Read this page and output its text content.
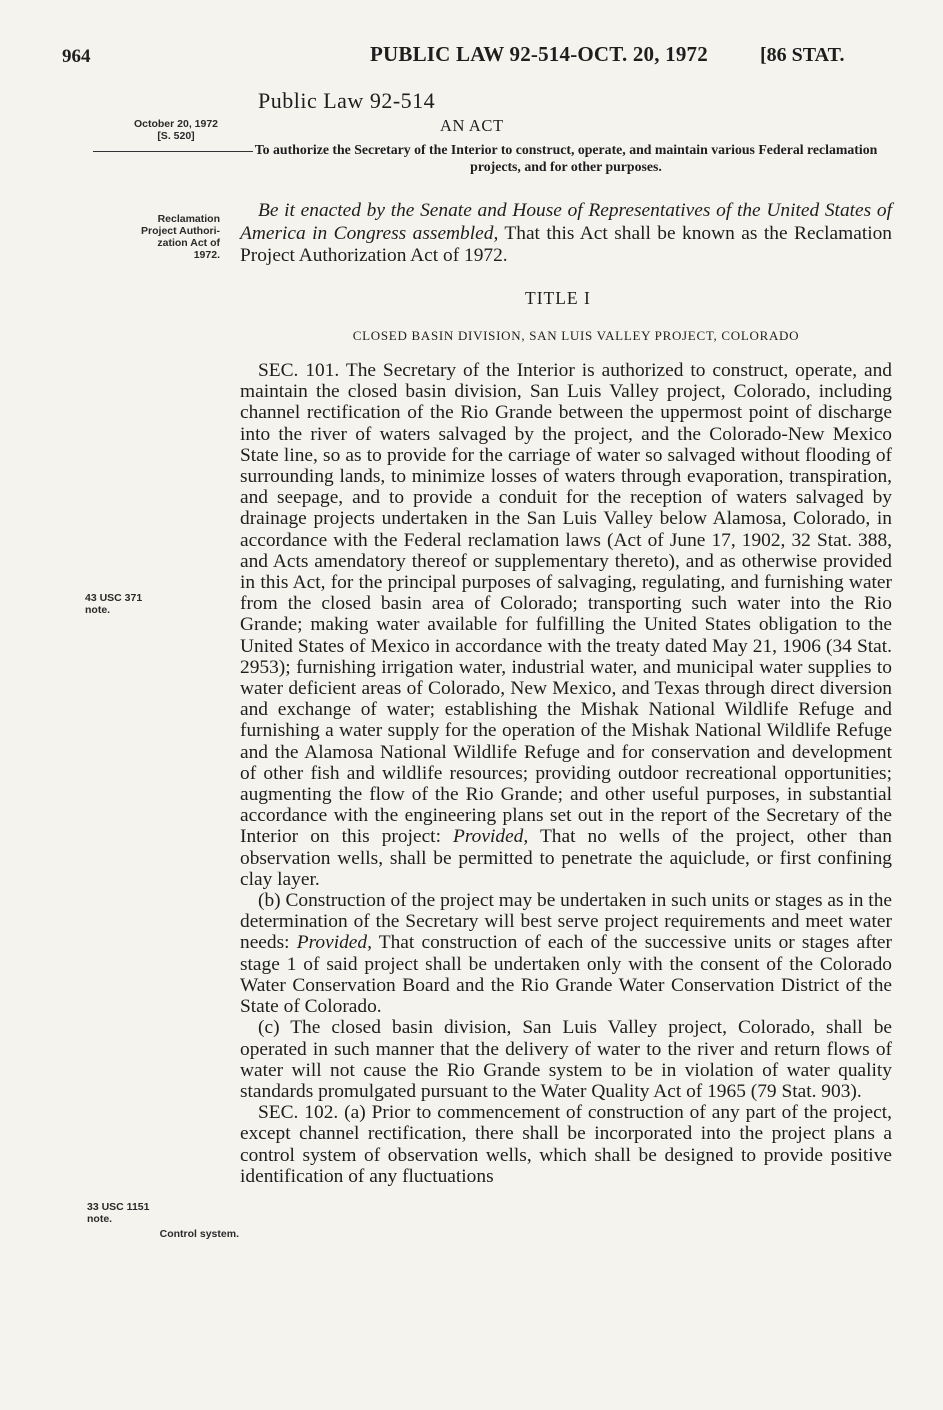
964	PUBLIC LAW 92-514-OCT. 20, 1972	[86 STAT.
October 20, 1972
[S. 520]
Reclamation
Project Authori-
zation Act of
1972.
43 USC 371
note.
33 USC 1151
note.
Control system.
Public Law 92-514
AN ACT
To authorize the Secretary of the Interior to construct, operate, and maintain various Federal reclamation projects, and for other purposes.
Be it enacted by the Senate and House of Representatives of the United States of America in Congress assembled, That this Act shall be known as the Reclamation Project Authorization Act of 1972.
TITLE I
CLOSED BASIN DIVISION, SAN LUIS VALLEY PROJECT, COLORADO

SEC. 101. The Secretary of the Interior is authorized to construct, operate, and maintain the closed basin division, San Luis Valley project, Colorado, including channel rectification of the Rio Grande between the uppermost point of discharge into the river of waters salvaged by the project, and the Colorado-New Mexico State line, so as to provide for the carriage of water so salvaged without flooding of surrounding lands, to minimize losses of waters through evaporation, transpiration, and seepage, and to provide a conduit for the reception of waters salvaged by drainage projects undertaken in the San Luis Valley below Alamosa, Colorado, in accordance with the Federal reclamation laws (Act of June 17, 1902, 32 Stat. 388, and Acts amendatory thereof or supplementary thereto), and as otherwise provided in this Act, for the principal purposes of salvaging, regulating, and furnishing water from the closed basin area of Colorado; transporting such water into the Rio Grande; making water available for fulfilling the United States obligation to the United States of Mexico in accordance with the treaty dated May 21, 1906 (34 Stat. 2953); furnishing irrigation water, industrial water, and municipal water supplies to water deficient areas of Colorado, New Mexico, and Texas through direct diversion and exchange of water; establishing the Mishak National Wildlife Refuge and furnishing a water supply for the operation of the Mishak National Wildlife Refuge and the Alamosa National Wildlife Refuge and for conservation and development of other fish and wildlife resources; providing outdoor recreational opportunities; augmenting the flow of the Rio Grande; and other useful purposes, in substantial accordance with the engineering plans set out in the report of the Secretary of the Interior on this project: Provided, That no wells of the project, other than observation wells, shall be permitted to penetrate the aquiclude, or first confining clay layer.

(b) Construction of the project may be undertaken in such units or stages as in the determination of the Secretary will best serve project requirements and meet water needs: Provided, That construction of each of the successive units or stages after stage 1 of said project shall be undertaken only with the consent of the Colorado Water Conservation Board and the Rio Grande Water Conservation District of the State of Colorado.

(c) The closed basin division, San Luis Valley project, Colorado, shall be operated in such manner that the delivery of water to the river and return flows of water will not cause the Rio Grande system to be in violation of water quality standards promulgated pursuant to the Water Quality Act of 1965 (79 Stat. 903).

SEC. 102. (a) Prior to commencement of construction of any part of the project, except channel rectification, there shall be incorporated into the project plans a control system of observation wells, which shall be designed to provide positive identification of any fluctuations
